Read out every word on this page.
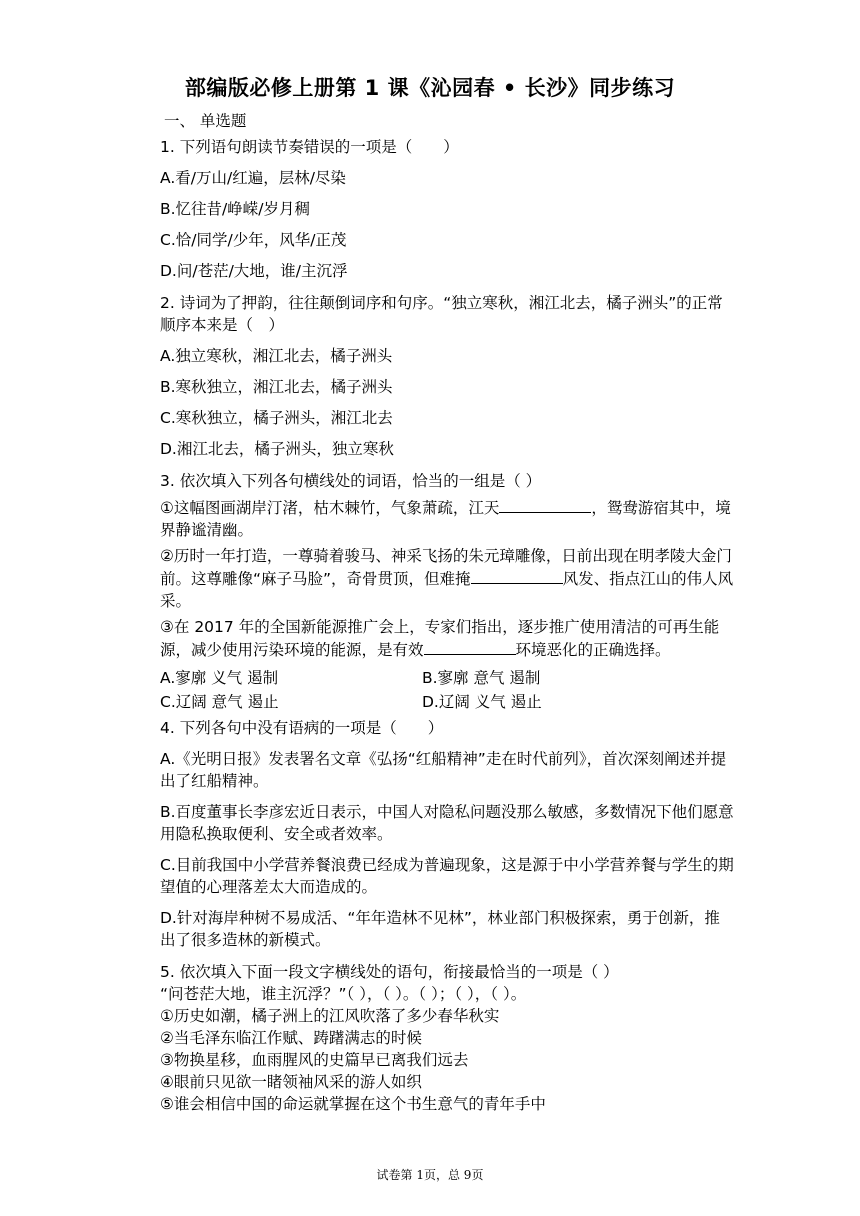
部编版必修上册第 1 课《沁园春 • 长沙》同步练习
一、 单选题
1. 下列语句朗读节奏错误的一项是（　　）
A.看/万山/红遍，层林/尽染
B.忆往昔/峥嵘/岁月稠
C.恰/同学/少年，风华/正茂
D.问/苍茫/大地，谁/主沉浮
2. 诗词为了押韵，往往颠倒词序和句序。“独立寒秋，湘江北去，橘子洲头”的正常顺序本来是（　）
A.独立寒秋，湘江北去，橘子洲头
B.寒秋独立，湘江北去，橘子洲头
C.寒秋独立，橘子洲头，湘江北去
D.湘江北去，橘子洲头，独立寒秋
3. 依次填入下列各句横线处的词语，恰当的一组是（ ）
①这幅图画湖岸汀渚，枯木棘竹，气象萧疏，江天	，鸳鸯游宿其中，境界静谧清幽。
②历时一年打造，一尊骑着骏马、神采飞扬的朱元璋雕像，日前出现在明孝陵大金门前。这尊雕像“麻子马脸”，奇骨贯顶，但难掩	风发、指点江山的伟人风采。
③在 2017 年的全国新能源推广会上，专家们指出，逐步推广使用清洁的可再生能源，减少使用污染环境的能源，是有效	环境恶化的正确选择。
A.寥廓 义气 遏制	B.寥廓 意气 遏制
C.辽阔 意气 遏止	D.辽阔 义气 遏止
4. 下列各句中没有语病的一项是（　　）
A.《光明日报》发表署名文章《弘扬“红船精神”走在时代前列》，首次深刻阐述并提出了红船精神。
B.百度董事长李彦宏近日表示，中国人对隐私问题没那么敏感，多数情况下他们愿意用隐私换取便利、安全或者效率。
C.目前我国中小学营养餐浪费已经成为普遍现象，这是源于中小学营养餐与学生的期望值的心理落差太大而造成的。
D.针对海岸种树不易成活、“年年造林不见林”，林业部门积极探索，勇于创新，推出了很多造林的新模式。
5. 依次填入下面一段文字横线处的语句，衔接最恰当的一项是（ ）
“问苍茫大地，谁主沉浮？”（ ），（ ）。（ ）；（ ），（ ）。
①历史如潮，橘子洲上的江风吹落了多少春华秋实
②当毛泽东临江作赋、踌躇满志的时候
③物换星移，血雨腥风的史篇早已离我们远去
④眼前只见欲一睹领袖风采的游人如织
⑤谁会相信中国的命运就掌握在这个书生意气的青年手中
试卷第 1页，总 9页
